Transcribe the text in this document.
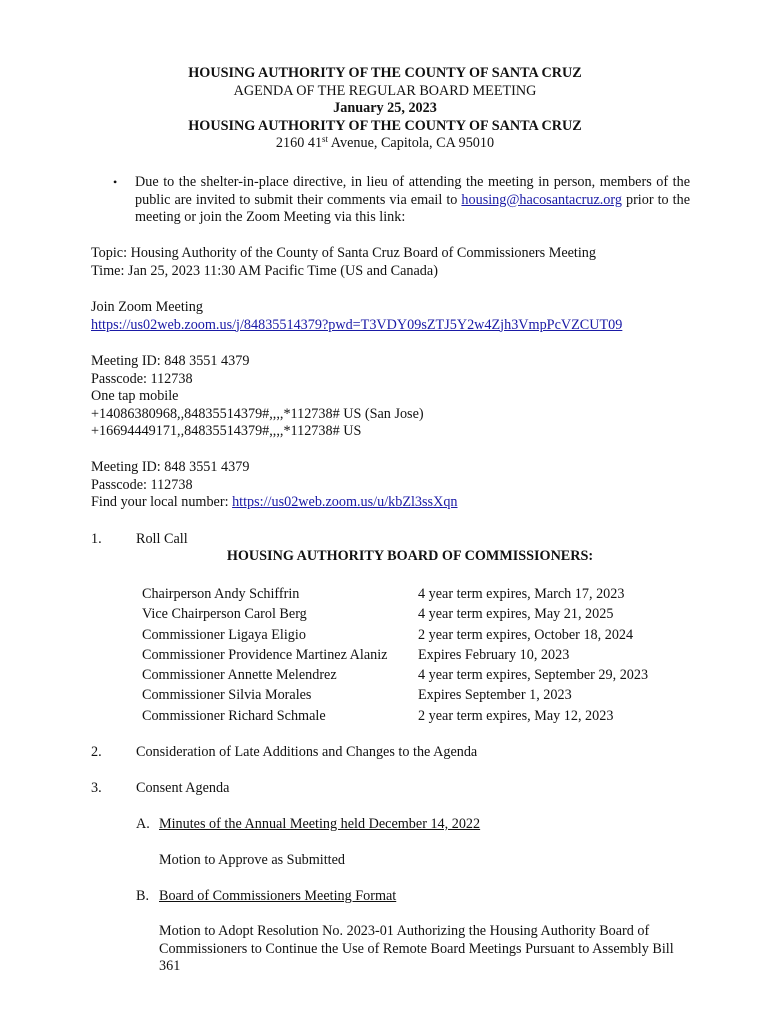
HOUSING AUTHORITY OF THE COUNTY OF SANTA CRUZ
AGENDA OF THE REGULAR BOARD MEETING
January 25, 2023
HOUSING AUTHORITY OF THE COUNTY OF SANTA CRUZ
2160 41st Avenue, Capitola, CA 95010
• Due to the shelter-in-place directive, in lieu of attending the meeting in person, members of the public are invited to submit their comments via email to housing@hacosantacruz.org prior to the meeting or join the Zoom Meeting via this link:
Topic: Housing Authority of the County of Santa Cruz Board of Commissioners Meeting
Time: Jan 25, 2023 11:30 AM Pacific Time (US and Canada)
Join Zoom Meeting
https://us02web.zoom.us/j/84835514379?pwd=T3VDY09sZTJ5Y2w4Zjh3VmpPcVZCUT09
Meeting ID: 848 3551 4379
Passcode: 112738
One tap mobile
+14086380968,,84835514379#,,,,*112738# US (San Jose)
+16694449171,,84835514379#,,,,*112738# US
Meeting ID: 848 3551 4379
Passcode: 112738
Find your local number: https://us02web.zoom.us/u/kbZl3ssXqn
1. Roll Call
HOUSING AUTHORITY BOARD OF COMMISSIONERS:
Chairperson Andy Schiffrin	4 year term expires, March 17, 2023
Vice Chairperson Carol Berg	4 year term expires, May 21, 2025
Commissioner Ligaya Eligio	2 year term expires, October 18, 2024
Commissioner Providence Martinez Alaniz Expires February 10, 2023
Commissioner Annette Melendrez	4 year term expires, September 29, 2023
Commissioner Silvia Morales	Expires September 1, 2023
Commissioner Richard Schmale	2 year term expires, May 12, 2023
2. Consideration of Late Additions and Changes to the Agenda
3. Consent Agenda
A. Minutes of the Annual Meeting held December 14, 2022
Motion to Approve as Submitted
B. Board of Commissioners Meeting Format
Motion to Adopt Resolution No. 2023-01 Authorizing the Housing Authority Board of Commissioners to Continue the Use of Remote Board Meetings Pursuant to Assembly Bill 361
